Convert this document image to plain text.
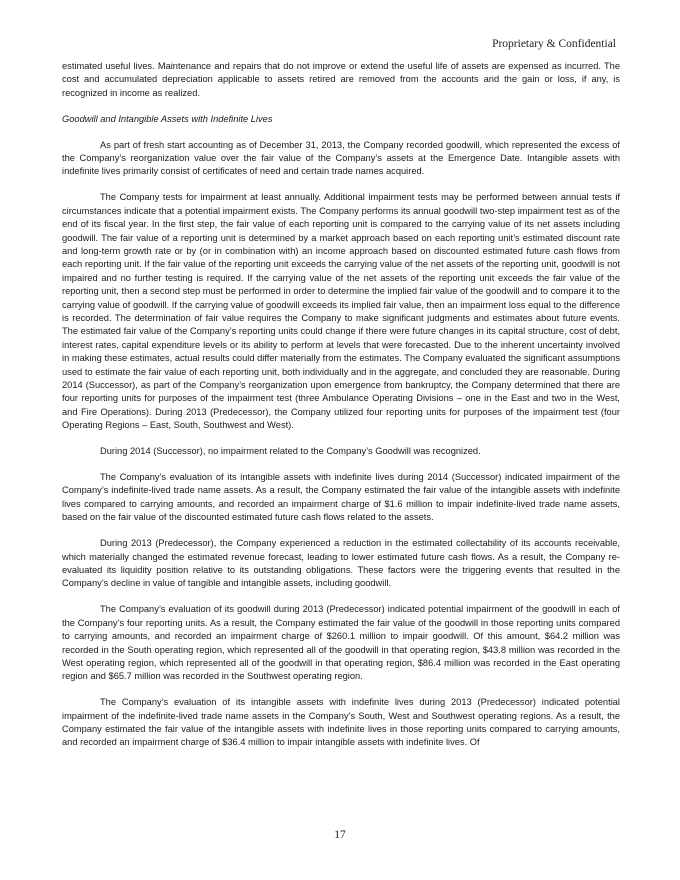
Proprietary & Confidential

estimated useful lives. Maintenance and repairs that do not improve or extend the useful life of assets are expensed as incurred. The cost and accumulated depreciation applicable to assets retired are removed from the accounts and the gain or loss, if any, is recognized in income as realized.

Goodwill and Intangible Assets with Indefinite Lives

As part of fresh start accounting as of December 31, 2013, the Company recorded goodwill, which represented the excess of the Company’s reorganization value over the fair value of the Company’s assets at the Emergence Date. Intangible assets with indefinite lives primarily consist of certificates of need and certain trade names acquired.

The Company tests for impairment at least annually. Additional impairment tests may be performed between annual tests if circumstances indicate that a potential impairment exists. The Company performs its annual goodwill two-step impairment test as of the end of its fiscal year. In the first step, the fair value of each reporting unit is compared to the carrying value of its net assets including goodwill. The fair value of a reporting unit is determined by a market approach based on each reporting unit’s estimated discount rate and long-term growth rate or by (or in combination with) an income approach based on discounted estimated future cash flows from each reporting unit. If the fair value of the reporting unit exceeds the carrying value of the net assets of the reporting unit, goodwill is not impaired and no further testing is required. If the carrying value of the net assets of the reporting unit exceeds the fair value of the reporting unit, then a second step must be performed in order to determine the implied fair value of the goodwill and to compare it to the carrying value of goodwill. If the carrying value of goodwill exceeds its implied fair value, then an impairment loss equal to the difference is recorded. The determination of fair value requires the Company to make significant judgments and estimates about future events. The estimated fair value of the Company’s reporting units could change if there were future changes in its capital structure, cost of debt, interest rates, capital expenditure levels or its ability to perform at levels that were forecasted. Due to the inherent uncertainty involved in making these estimates, actual results could differ materially from the estimates. The Company evaluated the significant assumptions used to estimate the fair value of each reporting unit, both individually and in the aggregate, and concluded they are reasonable. During 2014 (Successor), as part of the Company’s reorganization upon emergence from bankruptcy, the Company determined that there are four reporting units for purposes of the impairment test (three Ambulance Operating Divisions – one in the East and two in the West, and Fire Operations). During 2013 (Predecessor), the Company utilized four reporting units for purposes of the impairment test (four Operating Regions – East, South, Southwest and West).

During 2014 (Successor), no impairment related to the Company’s Goodwill was recognized.

The Company’s evaluation of its intangible assets with indefinite lives during 2014 (Successor) indicated impairment of the Company’s indefinite-lived trade name assets. As a result, the Company estimated the fair value of the intangible assets with indefinite lives compared to carrying amounts, and recorded an impairment charge of $1.6 million to impair indefinite-lived trade name assets, based on the fair value of the discounted estimated future cash flows related to the assets.

During 2013 (Predecessor), the Company experienced a reduction in the estimated collectability of its accounts receivable, which materially changed the estimated revenue forecast, leading to lower estimated future cash flows. As a result, the Company re-evaluated its liquidity position relative to its outstanding obligations. These factors were the triggering events that resulted in the Company’s decline in value of tangible and intangible assets, including goodwill.

The Company’s evaluation of its goodwill during 2013 (Predecessor) indicated potential impairment of the goodwill in each of the Company’s four reporting units. As a result, the Company estimated the fair value of the goodwill in those reporting units compared to carrying amounts, and recorded an impairment charge of $260.1 million to impair goodwill. Of this amount, $64.2 million was recorded in the South operating region, which represented all of the goodwill in that operating region, $43.8 million was recorded in the West operating region, which represented all of the goodwill in that operating region, $86.4 million was recorded in the East operating region and $65.7 million was recorded in the Southwest operating region.

The Company’s evaluation of its intangible assets with indefinite lives during 2013 (Predecessor) indicated potential impairment of the indefinite-lived trade name assets in the Company’s South, West and Southwest operating regions. As a result, the Company estimated the fair value of the intangible assets with indefinite lives in those reporting units compared to carrying amounts, and recorded an impairment charge of $36.4 million to impair intangible assets with indefinite lives. Of

17
